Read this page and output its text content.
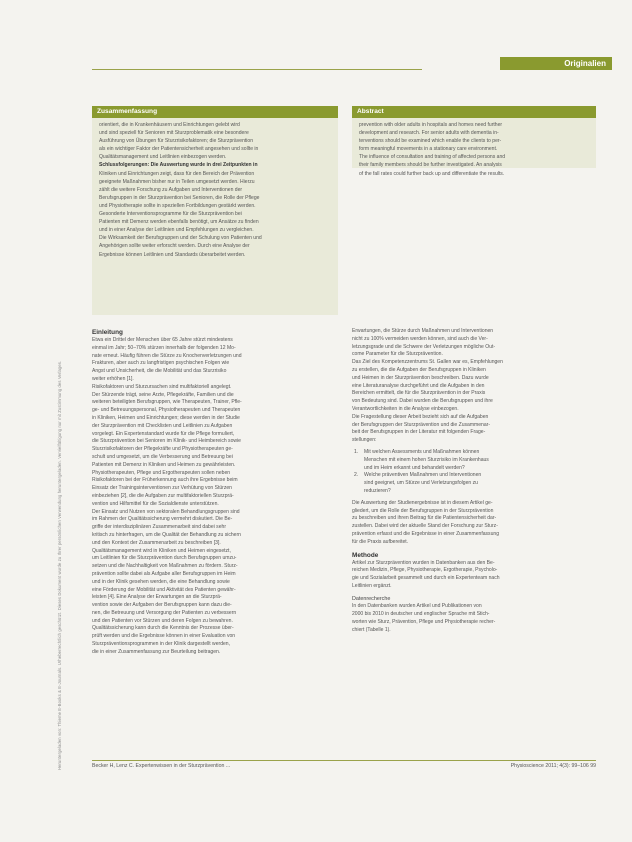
Originalien
Heruntergeladen von: Thieme E-Books & E-Journals. Urheberrechtlich geschützt. Dieses Dokument wurde zu Ihrer persönlichen Verwendung heruntergeladen. Vervielfältigung nur mit Zustimmung des Verlages.
Zusammenfassung
orientiert, die in Krankenhäusern und Einrichtungen gelebt wird
und sind speziell für Senioren mit Sturzproblematik eine besondere
Ausführung von Übungen für Sturzrisikofaktoren; die Sturzprävention
als ein wichtiger Faktor der Patientensicherheit angesehen und sollte in
Qualitätsmanagement und Leitlinien einbezogen werden.
Schlussfolgerungen: Die Auswertung wurde in drei Zeitpunkten in
Kliniken und Einrichtungen zeigt, dass für den Bereich der Prävention
geeignete Maßnahmen bisher nur in Teilen umgesetzt werden. Hierzu
zählt die weitere Forschung zu Aufgaben und Interventionen der
Berufsgruppen in der Sturzprävention bei Senioren, die Rolle der Pflege
und Physiotherapie sollte in speziellen Fortbildungen gestärkt werden.
Gesonderte Interventionsprogramme für die Sturzprävention bei
Patienten mit Demenz werden ebenfalls benötigt, um Ansätze zu finden
und in einer Analyse der Leitlinien und Empfehlungen zu vergleichen.
Die Wirksamkeit der Berufsgruppen und der Schulung von Patienten und
Angehörigen sollte weiter erforscht werden. Durch eine Analyse der
Ergebnisse können Leitlinien und Standards überarbeitet werden.
Abstract
prevention with older adults in hospitals and homes need further
development and research. For senior adults with dementia in-
terventions should be examined which enable the clients to per-
form meaningful movements in a stationary care environment.
The influence of consultation and training of affected persons and
their family members should be further investigated. An analysis
of the fall rates could further back up and differentiate the results.
Einleitung
Etwa ein Drittel der Menschen über 65 Jahre stürzt mindestens
einmal im Jahr; 50–70% stürzen innerhalb der folgenden 12 Mo-
nate erneut. Häufig führen die Stürze zu Knochenverletzungen und
Frakturen, aber auch zu langfristigen psychischen Folgen wie
Angst und Unsicherheit, die die Mobilität und das Sturzrisiko
weiter erhöhen [1].
Risikofaktoren und Sturzursachen sind multifaktoriell angelegt.
Der Stürzende trägt, seine Ärzte, Pflegekräfte, Familien und die
weiteren beteiligten Berufsgruppen, wie Therapeuten, Trainer, Pfle-
ge- und Betreuungspersonal, Physiotherapeuten und Therapeuten
in Kliniken, Heimen und Einrichtungen; diese werden in der Studie
der Sturzprävention mit Checklisten und Leitlinien zu Aufgaben
vorgelegt. Ein Expertenstandard wurde für die Pflege formuliert,
die Sturzprävention bei Senioren im Klinik- und Heimbereich sowie
Sturzrisikofaktoren der Pflegekräfte und Physiotherapeuten ge-
schult und umgesetzt, um die Verbesserung und Betreuung bei
Patienten mit Demenz in Kliniken und Heimen zu gewährleisten.
Physiotherapeuten, Pflege und Ergotherapeuten sollen neben
Risikofaktoren bei der Früherkennung auch ihre Ergebnisse beim
Einsatz der Trainingsinterventionen zur Verhütung von Stürzen
einbeziehen [2], die die Aufgaben zur multifaktoriellen Sturzprä-
vention und Hilfsmittel für die Sozialdienste unterstützen.
Der Einsatz und Nutzen von sektoralen Behandlungsgruppen sind
im Rahmen der Qualitätssicherung vermehrt diskutiert. Die Be-
griffe der interdisziplinären Zusammenarbeit sind dabei sehr
kritisch zu hinterfragen, um die Qualität der Behandlung zu sichern
und den Kontext der Zusammenarbeit zu beschreiben [3].
Qualitätsmanagement wird in Kliniken und Heimen eingesetzt,
um Leitlinien für die Sturzprävention durch Berufsgruppen umzu-
setzen und die Nachhaltigkeit von Maßnahmen zu fördern. Sturz-
prävention sollte dabei als Aufgabe aller Berufsgruppen im Heim
und in der Klinik gesehen werden, die eine Behandlung sowie
eine Förderung der Mobilität und Aktivität des Patienten gewähr-
leisten [4]. Eine Analyse der Erwartungen an die Sturzprä-
vention sowie der Aufgaben der Berufsgruppen kann dazu die-
nen, die Betreuung und Versorgung der Patienten zu verbessern
und den Patienten vor Stürzen und deren Folgen zu bewahren.
Qualitätssicherung kann durch die Kenntnis der Prozesse über-
prüft werden und die Ergebnisse können in einer Evaluation von
Sturzpräventionsprogrammen in der Klinik dargestellt werden,
die in einer Zusammenfassung zur Beurteilung beitragen.
Erwartungen, die Stürze durch Maßnahmen und Interventionen
nicht zu 100% vermeiden werden können, sind auch die Ver-
letzungsgrade und die Schwere der Verletzungen mögliche Out-
come Parameter für die Sturzprävention.
Das Ziel des Kompetenzzentrums St. Gallen war es, Empfehlungen
zu erstellen, die die Aufgaben der Berufsgruppen in Kliniken
und Heimen in der Sturzprävention beschreiben. Dazu wurde
eine Literaturanalyse durchgeführt und die Aufgaben in den
Bereichen ermittelt, die für die Sturzprävention in der Praxis
von Bedeutung sind. Dabei wurden die Berufsgruppen und ihre
Verantwortlichkeiten in die Analyse einbezogen.
Die Fragestellung dieser Arbeit bezieht sich auf die Aufgaben
der Berufsgruppen der Sturzprävention und die Zusammenar-
beit der Berufsgruppen in der Literatur mit folgenden Frage-
stellungen:
1.	Mit welchen Assessments und Maßnahmen können
Menschen mit einem hohen Sturzrisiko im Krankenhaus
und im Heim erkannt und behandelt werden?
2.	Welche präventiven Maßnahmen und Interventionen
sind geeignet, um Stürze und Verletzungsfolgen zu
reduzieren?
Die Auswertung der Studienergebnisse ist in diesem Artikel ge-
gliedert, um die Rolle der Berufsgruppen in der Sturzprävention
zu beschreiben und ihren Beitrag für die Patientensicherheit dar-
zustellen. Dabei wird der aktuelle Stand der Forschung zur Sturz-
prävention erfasst und die Ergebnisse in einer Zusammenfassung
für die Praxis aufbereitet.
Methode
Artikel zur Sturzprävention wurden in Datenbanken aus den Be-
reichen Medizin, Pflege, Physiotherapie, Ergotherapie, Psycholo-
gie und Sozialarbeit gesammelt und durch ein Expertenteam nach
Leitlinien ergänzt.
Datenrecherche
In den Datenbanken wurden Artikel und Publikationen von
2000 bis 2010 in deutscher und englischer Sprache mit Stich-
worten wie Sturz, Prävention, Pflege und Physiotherapie recher-
chiert (Tabelle 1).
Becker H, Lenz C. Expertenwissen in der Sturzprävention ...	Physioscience 2011; 4(3): 99–106 99
